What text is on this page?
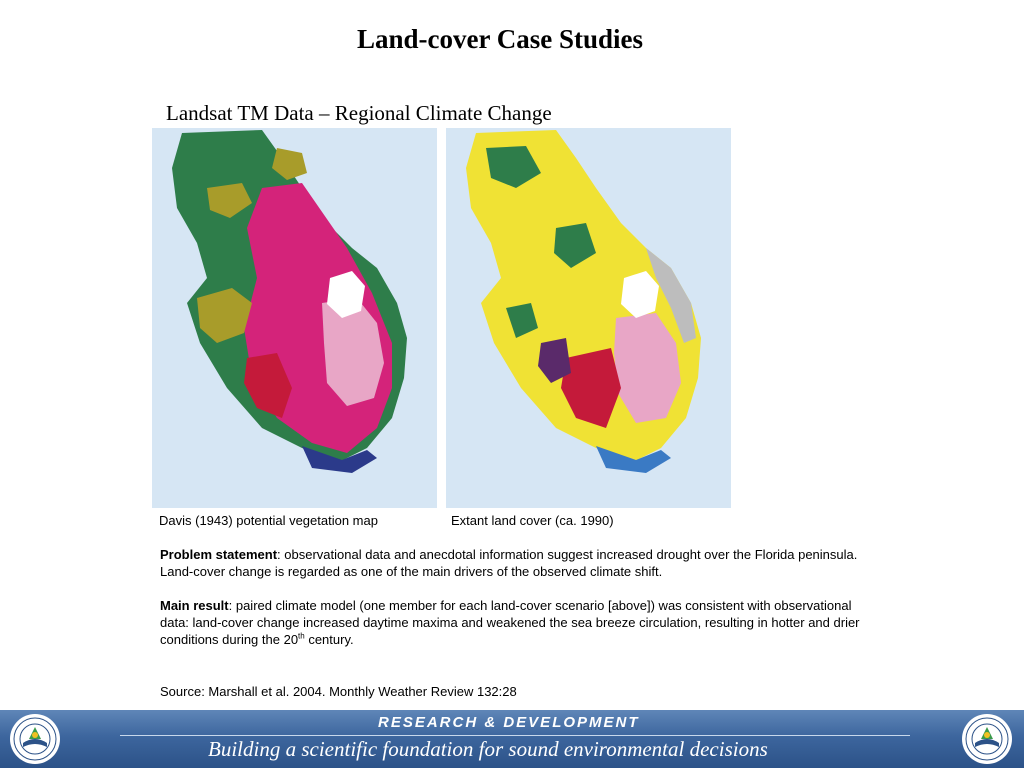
Land-cover Case Studies
Landsat TM Data – Regional Climate Change
Davis (1943) potential vegetation map	Extant land cover (ca. 1990)
Problem statement: observational data and anecdotal information suggest increased drought over the Florida peninsula. Land-cover change is regarded as one of the main drivers of the observed climate shift.
Main result: paired climate model (one member for each land-cover scenario [above]) was consistent with observational data: land-cover change increased daytime maxima and weakened the sea breeze circulation, resulting in hotter and drier conditions during the 20th century.
Source: Marshall et al. 2004. Monthly Weather Review 132:28
RESEARCH & DEVELOPMENT
Building a scientific foundation for sound environmental decisions
